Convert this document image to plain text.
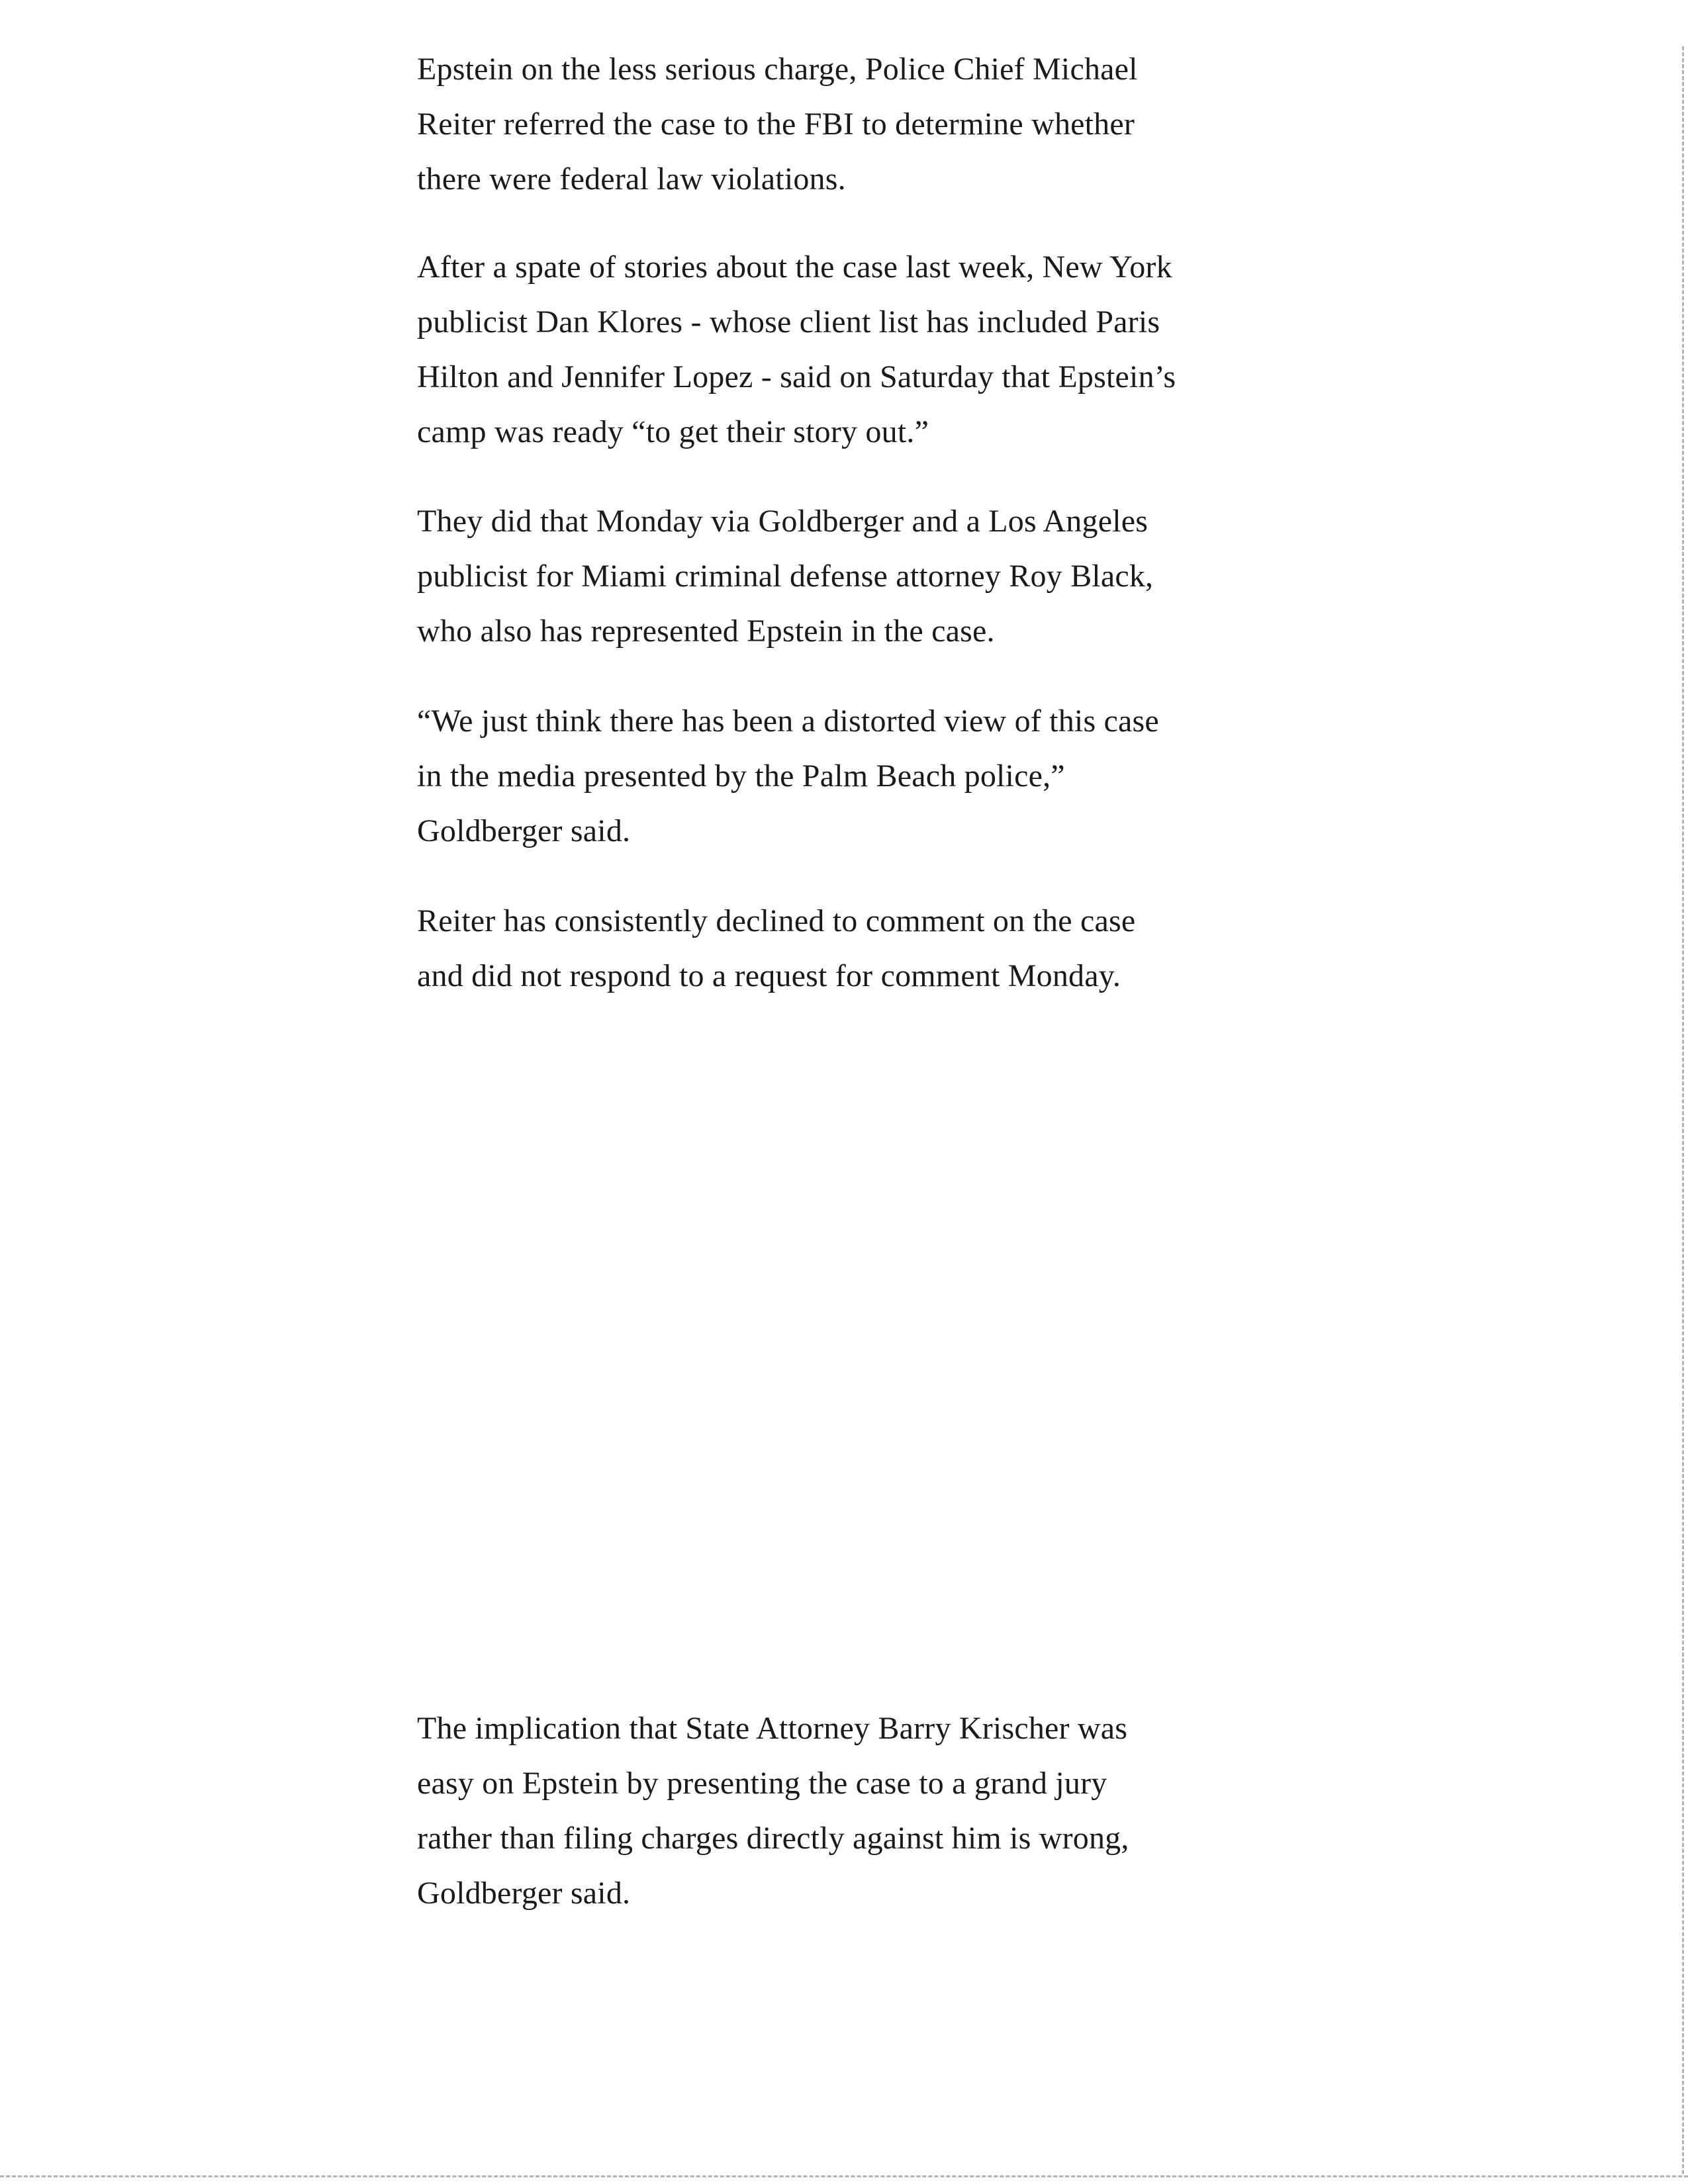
Epstein on the less serious charge, Police Chief Michael
Reiter referred the case to the FBI to determine whether
there were federal law violations.

After a spate of stories about the case last week, New York
publicist Dan Klores - whose client list has included Paris
Hilton and Jennifer Lopez - said on Saturday that Epstein’s
camp was ready “to get their story out.”

They did that Monday via Goldberger and a Los Angeles
publicist for Miami criminal defense attorney Roy Black,
who also has represented Epstein in the case.

“We just think there has been a distorted view of this case
in the media presented by the Palm Beach police,”
Goldberger said.

Reiter has consistently declined to comment on the case
and did not respond to a request for comment Monday.

The implication that State Attorney Barry Krischer was
easy on Epstein by presenting the case to a grand jury
rather than filing charges directly against him is wrong,
Goldberger said.
